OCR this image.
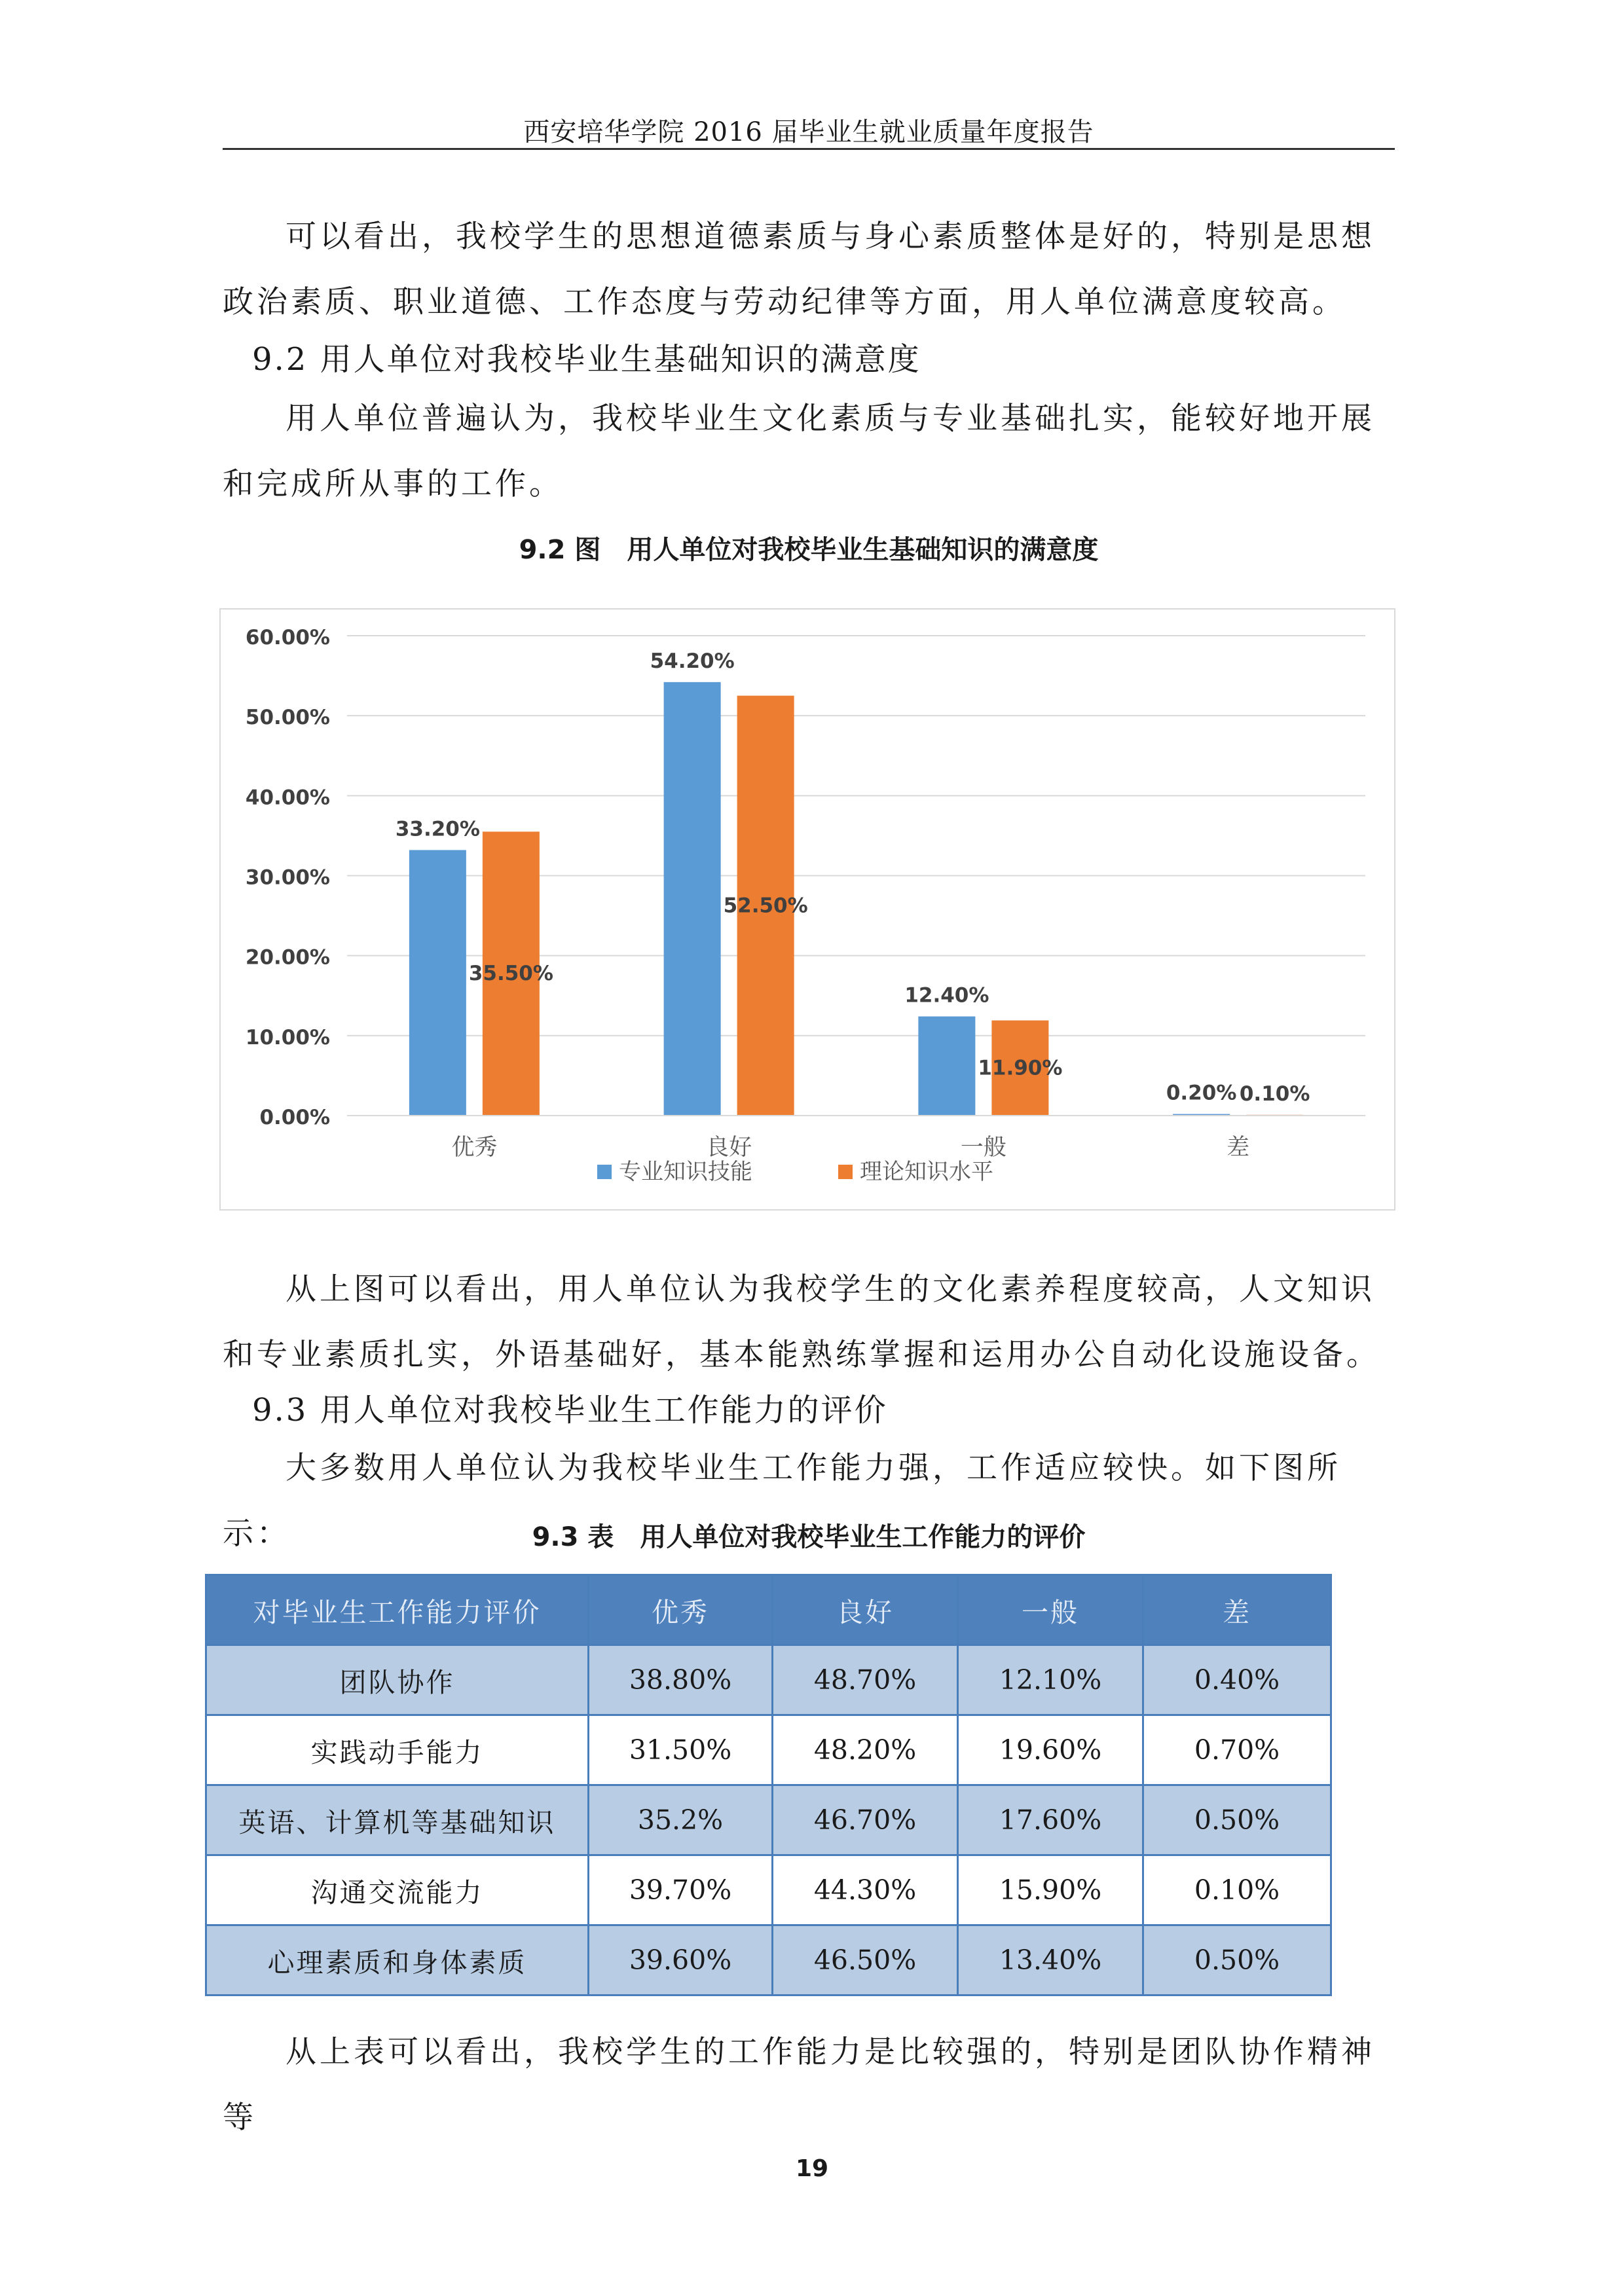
西安培华学院 2016 届毕业生就业质量年度报告

可以看出，我校学生的思想道德素质与身心素质整体是好的，特别是思想政治素质、职业道德、工作态度与劳动纪律等方面，用人单位满意度较高。

9.2 用人单位对我校毕业生基础知识的满意度

用人单位普遍认为，我校毕业生文化素质与专业基础扎实，能较好地开展和完成所从事的工作。

9.2 图　用人单位对我校毕业生基础知识的满意度

0.00%
10.00%
20.00%
30.00%
40.00%
50.00%
60.00%
33.20%
35.50%
优秀
54.20%
52.50%
良好
12.40%
11.90%
一般
0.20% 0.10%
差
专业知识技能	理论知识水平

从上图可以看出，用人单位认为我校学生的文化素养程度较高，人文知识和专业素质扎实，外语基础好，基本能熟练掌握和运用办公自动化设施设备。

9.3 用人单位对我校毕业生工作能力的评价

大多数用人单位认为我校毕业生工作能力强，工作适应较快。如下图所示：	9.3 表　用人单位对我校毕业生工作能力的评价

对毕业生工作能力评价	优秀	良好	一般	差
团队协作	38.80%	48.70%	12.10%	0.40%
实践动手能力	31.50%	48.20%	19.60%	0.70%
英语、计算机等基础知识	35.2%	46.70%	17.60%	0.50%
沟通交流能力	39.70%	44.30%	15.90%	0.10%
心理素质和身体素质	39.60%	46.50%	13.40%	0.50%

从上表可以看出，我校学生的工作能力是比较强的，特别是团队协作精神等

19
